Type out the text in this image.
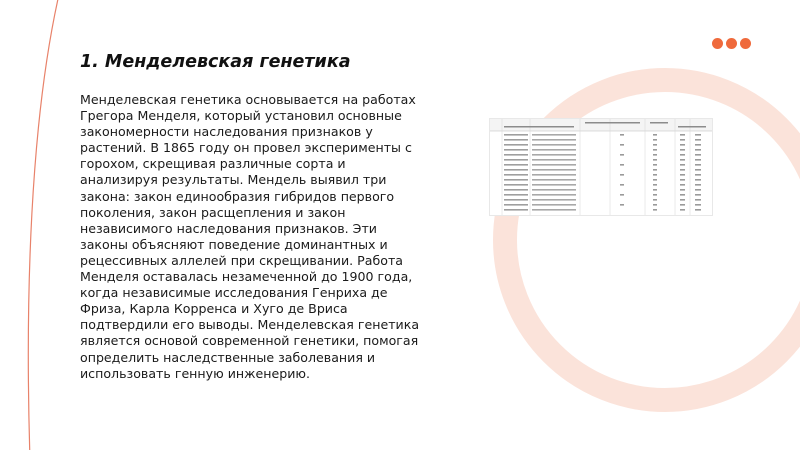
1. Менделевская генетика

Менделевская генетика основывается на работах Грегора Менделя, который установил основные закономерности наследования признаков у растений. В 1865 году он провел эксперименты с горохом, скрещивая различные сорта и анализируя результаты. Мендель выявил три закона: закон единообразия гибридов первого поколения, закон расщепления и закон независимого наследования признаков. Эти законы объясняют поведение доминантных и рецессивных аллелей при скрещивании. Работа Менделя оставалась незамеченной до 1900 года, когда независимые исследования Генриха де Фриза, Карла Корренса и Хуго де Вриса подтвердили его выводы. Менделевская генетика является основой современной генетики, помогая определить наследственные заболевания и использовать генную инженерию.
